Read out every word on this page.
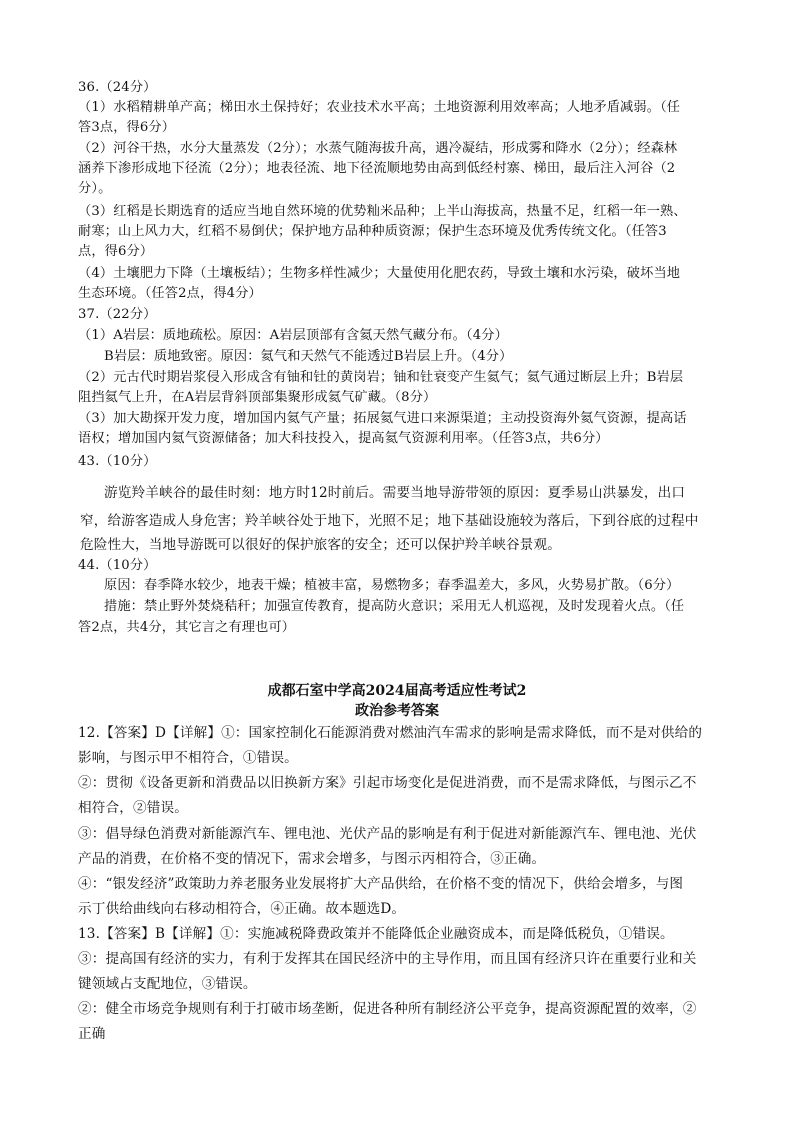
36.（24分）
（1）水稻精耕单产高；梯田水土保持好；农业技术水平高；土地资源利用效率高；人地矛盾减弱。（任
答3点，得6分）
（2）河谷干热，水分大量蒸发（2分）；水蒸气随海拔升高，遇冷凝结，形成雾和降水（2分）；经森林
涵养下渗形成地下径流（2分）；地表径流、地下径流顺地势由高到低经村寨、梯田，最后注入河谷（2
分）。
（3）红稻是长期选育的适应当地自然环境的优势籼米品种；上半山海拔高，热量不足，红稻一年一熟、
耐寒；山上风力大，红稻不易倒伏；保护地方品种种质资源；保护生态环境及优秀传统文化。（任答3
点，得6分）
（4）土壤肥力下降（土壤板结）；生物多样性减少；大量使用化肥农药，导致土壤和水污染，破坏当地
生态环境。（任答2点，得4分）
37.（22分）
（1）A岩层：质地疏松。原因：A岩层顶部有含氦天然气藏分布。（4分）
B岩层：质地致密。原因：氦气和天然气不能透过B岩层上升。（4分）
（2）元古代时期岩浆侵入形成含有铀和钍的黄岗岩；铀和钍衰变产生氦气；氦气通过断层上升；B岩层
阻挡氦气上升，在A岩层背斜顶部集聚形成氦气矿藏。（8分）
（3）加大勘探开发力度，增加国内氦气产量；拓展氦气进口来源渠道；主动投资海外氦气资源，提高话
语权；增加国内氦气资源储备；加大科技投入，提高氦气资源利用率。（任答3点，共6分）
43.（10分）
游览羚羊峡谷的最佳时刻：地方时12时前后。需要当地导游带领的原因：夏季易山洪暴发，出口
窄，给游客造成人身危害；羚羊峡谷处于地下，光照不足；地下基础设施较为落后，下到谷底的过程中
危险性大，当地导游既可以很好的保护旅客的安全；还可以保护羚羊峡谷景观。
44.（10分）
原因：春季降水较少，地表干燥；植被丰富，易燃物多；春季温差大，多风，火势易扩散。（6分）
措施：禁止野外焚烧秸秆；加强宣传教育，提高防火意识；采用无人机巡视，及时发现着火点。（任
答2点，共4分，其它言之有理也可）
成都石室中学高2024届高考适应性考试2
政治参考答案
12.【答案】D【详解】①：国家控制化石能源消费对燃油汽车需求的影响是需求降低，而不是对供给的
影响，与图示甲不相符合，①错误。
②：贯彻《设备更新和消费品以旧换新方案》引起市场变化是促进消费，而不是需求降低，与图示乙不
相符合，②错误。
③：倡导绿色消费对新能源汽车、锂电池、光伏产品的影响是有利于促进对新能源汽车、锂电池、光伏
产品的消费，在价格不变的情况下，需求会增多，与图示丙相符合，③正确。
④：“银发经济”政策助力养老服务业发展将扩大产品供给，在价格不变的情况下，供给会增多，与图
示丁供给曲线向右移动相符合，④正确。故本题选D。
13.【答案】B【详解】①：实施减税降费政策并不能降低企业融资成本，而是降低税负，①错误。
③：提高国有经济的实力，有利于发挥其在国民经济中的主导作用，而且国有经济只许在重要行业和关
键领域占支配地位，③错误。
②：健全市场竞争规则有利于打破市场垄断，促进各种所有制经济公平竞争，提高资源配置的效率，②
正确
